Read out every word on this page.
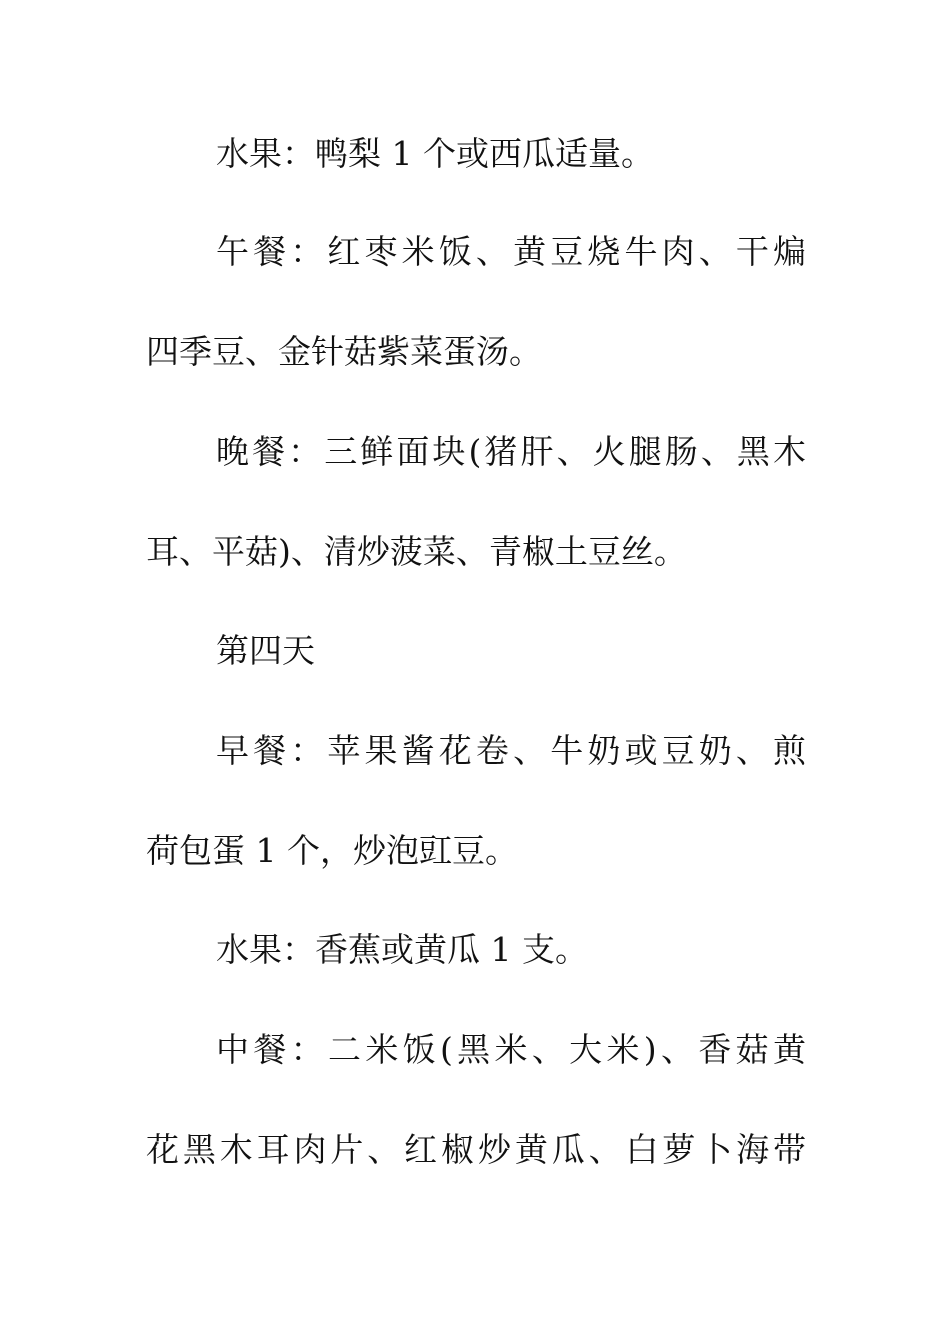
水果：鸭梨 1 个或西瓜适量。
午餐：红枣米饭、黄豆烧牛肉、干煸
四季豆、金针菇紫菜蛋汤。
晚餐：三鲜面块(猪肝、火腿肠、黑木
耳、平菇)、清炒菠菜、青椒土豆丝。
第四天
早餐：苹果酱花卷、牛奶或豆奶、煎
荷包蛋 1 个，炒泡豇豆。
水果：香蕉或黄瓜 1 支。
中餐：二米饭(黑米、大米)、香菇黄
花黑木耳肉片、红椒炒黄瓜、白萝卜海带
